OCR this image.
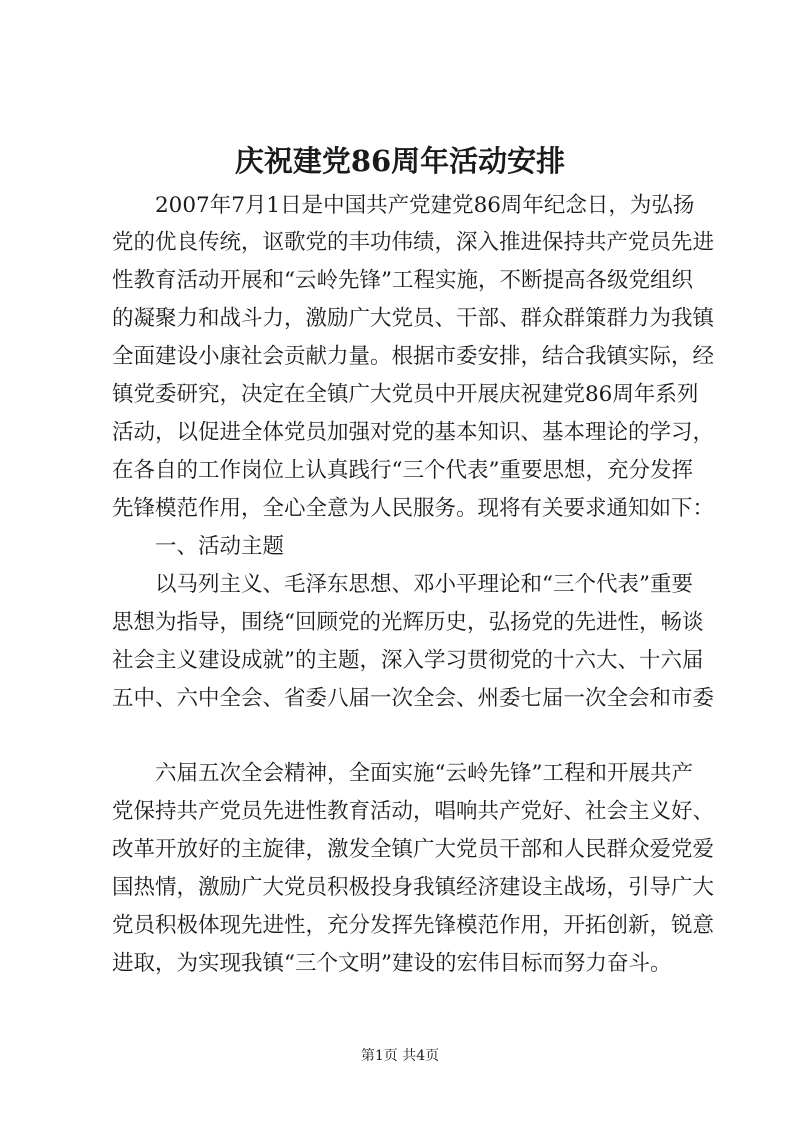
庆祝建党86周年活动安排
　　2007年7月1日是中国共产党建党86周年纪念日，为弘扬
党的优良传统，讴歌党的丰功伟绩，深入推进保持共产党员先进
性教育活动开展和“云岭先锋”工程实施，不断提高各级党组织
的凝聚力和战斗力，激励广大党员、干部、群众群策群力为我镇
全面建设小康社会贡献力量。根据市委安排，结合我镇实际，经
镇党委研究，决定在全镇广大党员中开展庆祝建党86周年系列
活动，以促进全体党员加强对党的基本知识、基本理论的学习，
在各自的工作岗位上认真践行“三个代表”重要思想，充分发挥
先锋模范作用，全心全意为人民服务。现将有关要求通知如下：
　　一、活动主题
　　以马列主义、毛泽东思想、邓小平理论和“三个代表”重要
思想为指导，围绕“回顾党的光辉历史，弘扬党的先进性，畅谈
社会主义建设成就”的主题，深入学习贯彻党的十六大、十六届
五中、六中全会、省委八届一次全会、州委七届一次全会和市委
　　六届五次全会精神，全面实施“云岭先锋”工程和开展共产
党保持共产党员先进性教育活动，唱响共产党好、社会主义好、
改革开放好的主旋律，激发全镇广大党员干部和人民群众爱党爱
国热情，激励广大党员积极投身我镇经济建设主战场，引导广大
党员积极体现先进性，充分发挥先锋模范作用，开拓创新，锐意
进取，为实现我镇“三个文明”建设的宏伟目标而努力奋斗。
第1页 共4页
